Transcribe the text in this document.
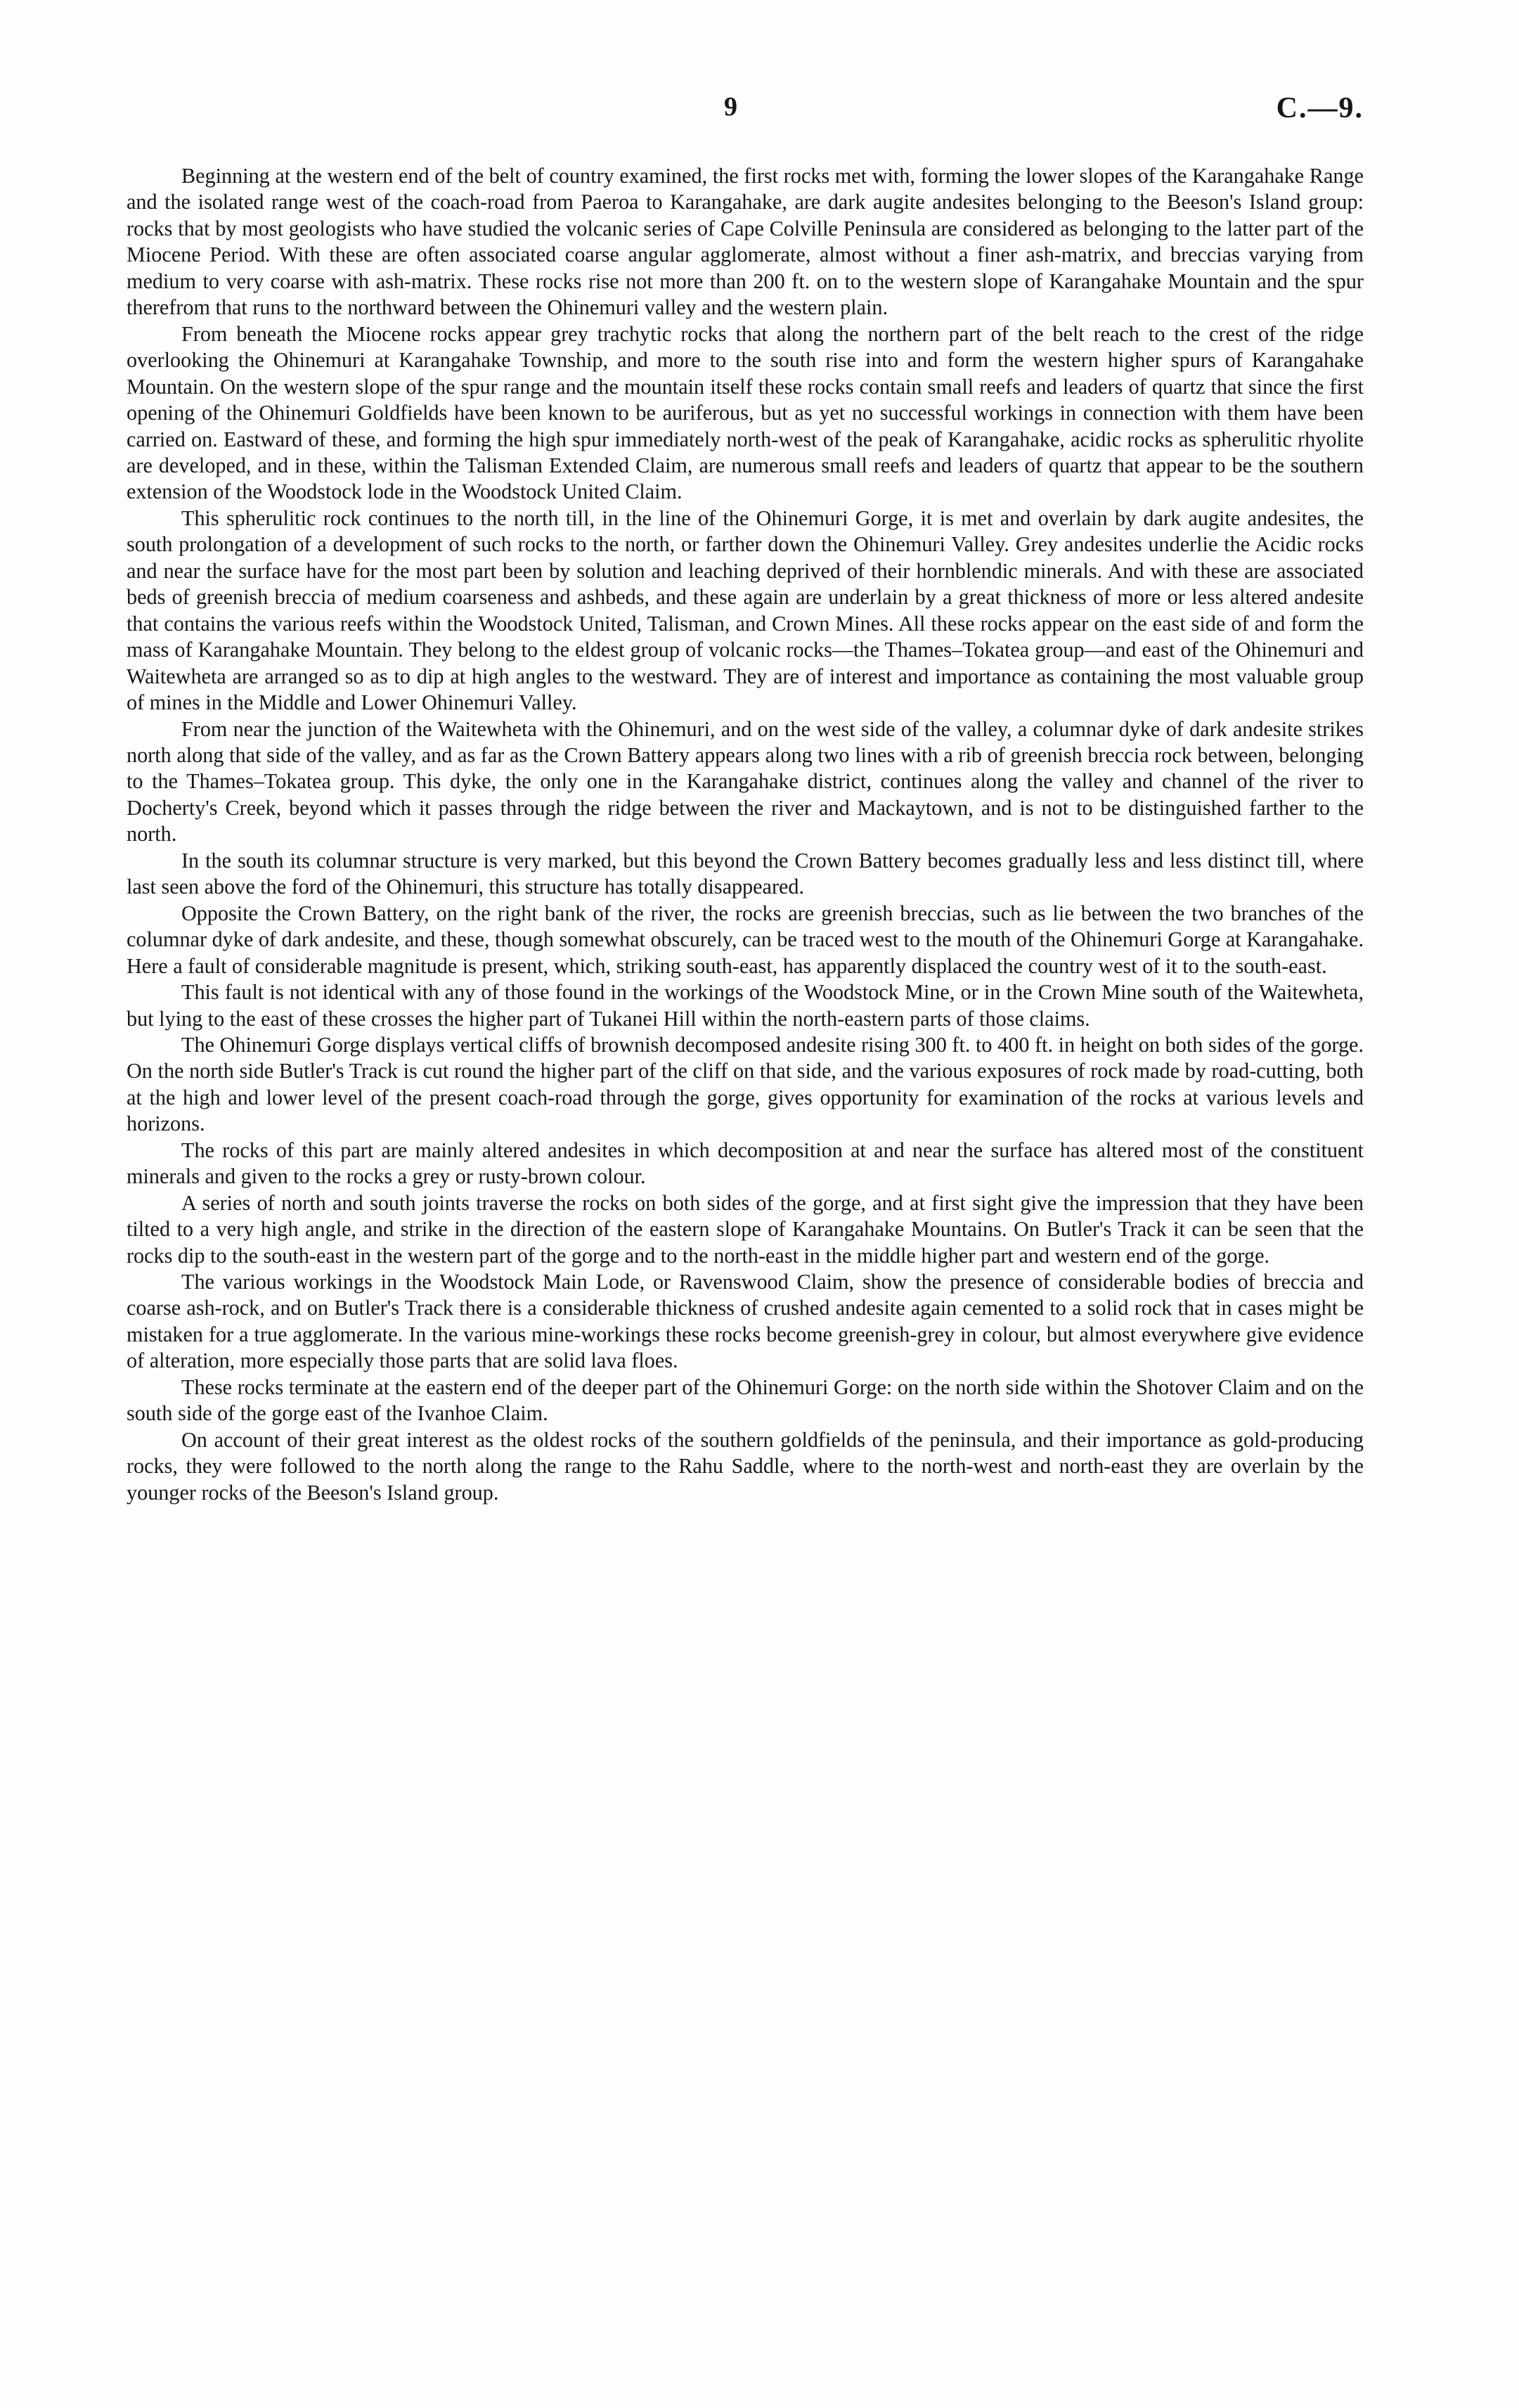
9	C.—9.

Beginning at the western end of the belt of country examined, the first rocks met with, forming the lower slopes of the Karangahake Range and the isolated range west of the coach-road from Paeroa to Karangahake, are dark augite andesites belonging to the Beeson's Island group: rocks that by most geologists who have studied the volcanic series of Cape Colville Peninsula are considered as belonging to the latter part of the Miocene Period. With these are often associated coarse angular agglomerate, almost without a finer ash-matrix, and breccias varying from medium to very coarse with ash-matrix. These rocks rise not more than 200 ft. on to the western slope of Karangahake Mountain and the spur therefrom that runs to the northward between the Ohinemuri valley and the western plain.

From beneath the Miocene rocks appear grey trachytic rocks that along the northern part of the belt reach to the crest of the ridge overlooking the Ohinemuri at Karangahake Township, and more to the south rise into and form the western higher spurs of Karangahake Mountain. On the western slope of the spur range and the mountain itself these rocks contain small reefs and leaders of quartz that since the first opening of the Ohinemuri Goldfields have been known to be auriferous, but as yet no successful workings in connection with them have been carried on. Eastward of these, and forming the high spur immediately north-west of the peak of Karangahake, acidic rocks as spherulitic rhyolite are developed, and in these, within the Talisman Extended Claim, are numerous small reefs and leaders of quartz that appear to be the southern extension of the Woodstock lode in the Woodstock United Claim.

This spherulitic rock continues to the north till, in the line of the Ohinemuri Gorge, it is met and overlain by dark augite andesites, the south prolongation of a development of such rocks to the north, or farther down the Ohinemuri Valley. Grey andesites underlie the Acidic rocks and near the surface have for the most part been by solution and leaching deprived of their hornblendic minerals. And with these are associated beds of greenish breccia of medium coarseness and ashbeds, and these again are underlain by a great thickness of more or less altered andesite that contains the various reefs within the Woodstock United, Talisman, and Crown Mines. All these rocks appear on the east side of and form the mass of Karangahake Mountain. They belong to the eldest group of volcanic rocks—the Thames–Tokatea group—and east of the Ohinemuri and Waitewheta are arranged so as to dip at high angles to the westward. They are of interest and importance as containing the most valuable group of mines in the Middle and Lower Ohinemuri Valley.

From near the junction of the Waitewheta with the Ohinemuri, and on the west side of the valley, a columnar dyke of dark andesite strikes north along that side of the valley, and as far as the Crown Battery appears along two lines with a rib of greenish breccia rock between, belonging to the Thames–Tokatea group. This dyke, the only one in the Karangahake district, continues along the valley and channel of the river to Docherty's Creek, beyond which it passes through the ridge between the river and Mackaytown, and is not to be distinguished farther to the north.

In the south its columnar structure is very marked, but this beyond the Crown Battery becomes gradually less and less distinct till, where last seen above the ford of the Ohinemuri, this structure has totally disappeared.

Opposite the Crown Battery, on the right bank of the river, the rocks are greenish breccias, such as lie between the two branches of the columnar dyke of dark andesite, and these, though somewhat obscurely, can be traced west to the mouth of the Ohinemuri Gorge at Karangahake. Here a fault of considerable magnitude is present, which, striking south-east, has apparently displaced the country west of it to the south-east.

This fault is not identical with any of those found in the workings of the Woodstock Mine, or in the Crown Mine south of the Waitewheta, but lying to the east of these crosses the higher part of Tukanei Hill within the north-eastern parts of those claims.

The Ohinemuri Gorge displays vertical cliffs of brownish decomposed andesite rising 300 ft. to 400 ft. in height on both sides of the gorge. On the north side Butler's Track is cut round the higher part of the cliff on that side, and the various exposures of rock made by road-cutting, both at the high and lower level of the present coach-road through the gorge, gives opportunity for examination of the rocks at various levels and horizons.

The rocks of this part are mainly altered andesites in which decomposition at and near the surface has altered most of the constituent minerals and given to the rocks a grey or rusty-brown colour.

A series of north and south joints traverse the rocks on both sides of the gorge, and at first sight give the impression that they have been tilted to a very high angle, and strike in the direction of the eastern slope of Karangahake Mountains. On Butler's Track it can be seen that the rocks dip to the south-east in the western part of the gorge and to the north-east in the middle higher part and western end of the gorge.

The various workings in the Woodstock Main Lode, or Ravenswood Claim, show the presence of considerable bodies of breccia and coarse ash-rock, and on Butler's Track there is a considerable thickness of crushed andesite again cemented to a solid rock that in cases might be mistaken for a true agglomerate. In the various mine-workings these rocks become greenish-grey in colour, but almost everywhere give evidence of alteration, more especially those parts that are solid lava floes.

These rocks terminate at the eastern end of the deeper part of the Ohinemuri Gorge: on the north side within the Shotover Claim and on the south side of the gorge east of the Ivanhoe Claim.

On account of their great interest as the oldest rocks of the southern goldfields of the peninsula, and their importance as gold-producing rocks, they were followed to the north along the range to the Rahu Saddle, where to the north-west and north-east they are overlain by the younger rocks of the Beeson's Island group.
